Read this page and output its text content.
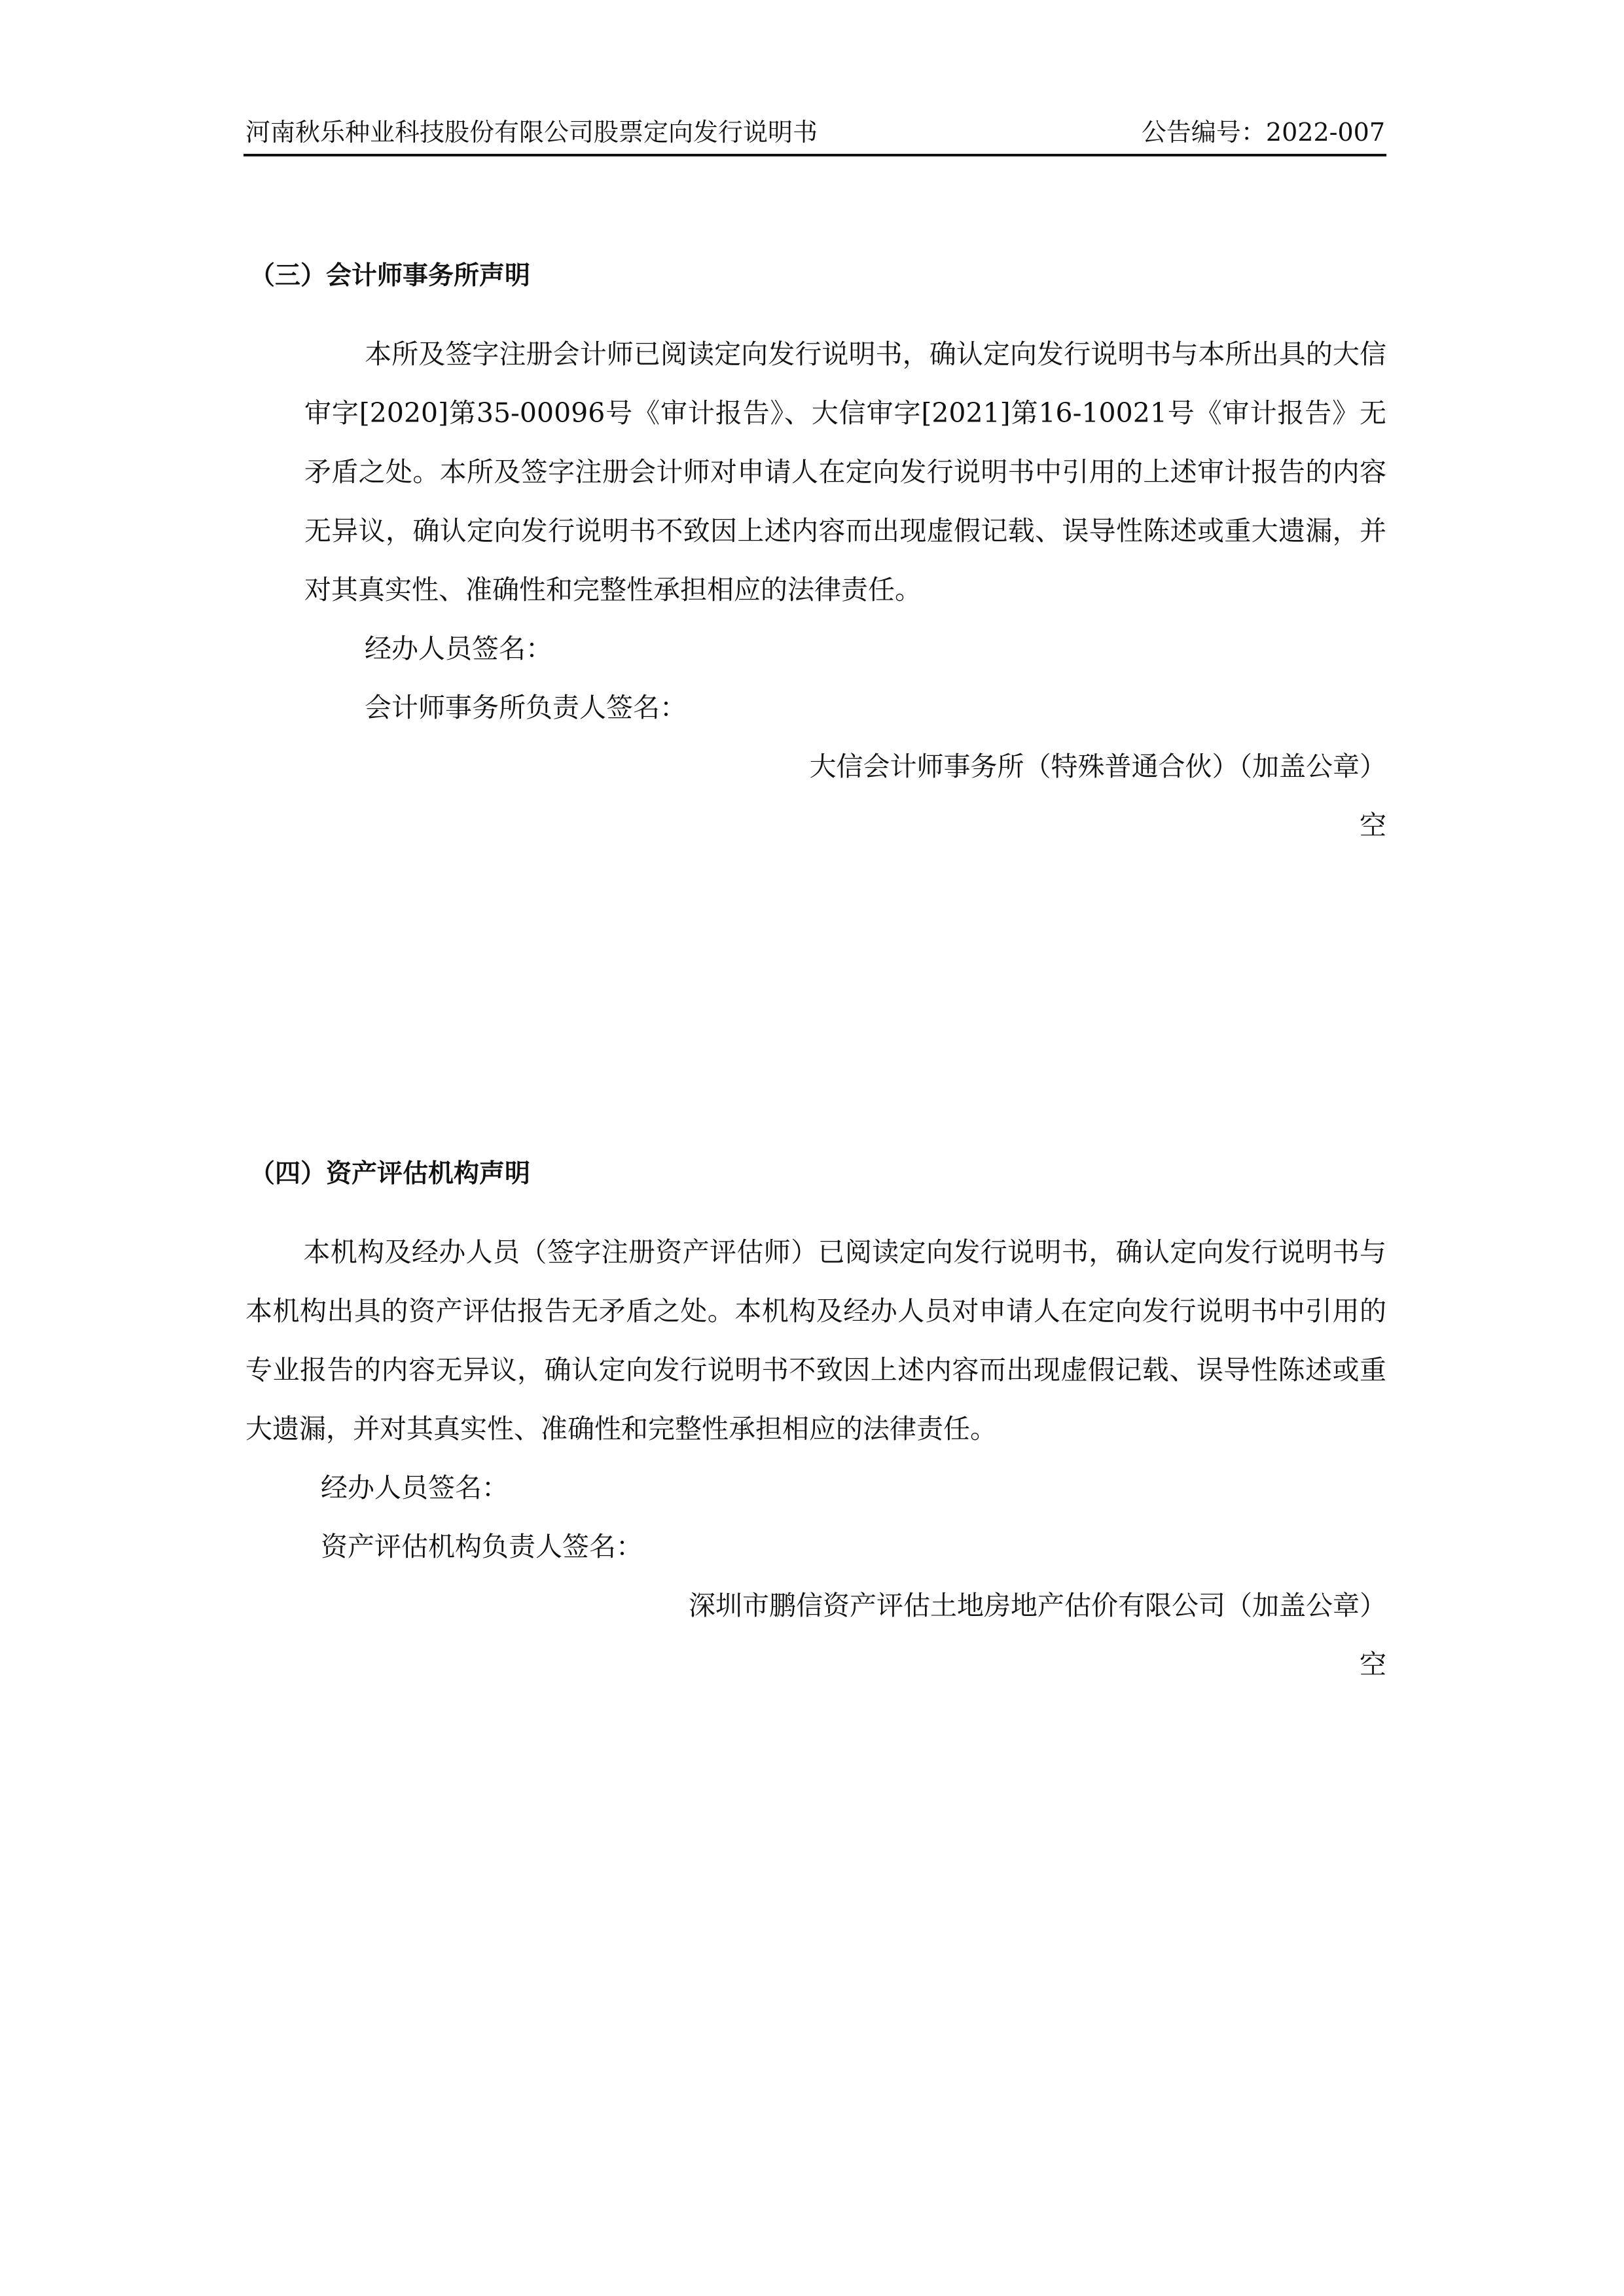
河南秋乐种业科技股份有限公司股票定向发行说明书	公告编号：2022-007
（三）会计师事务所声明

本所及签字注册会计师已阅读定向发行说明书，确认定向发行说明书与本所出具的大信审字[2020]第35-00096号《审计报告》、大信审字[2021]第16-10021号《审计报告》无矛盾之处。本所及签字注册会计师对申请人在定向发行说明书中引用的上述审计报告的内容无异议，确认定向发行说明书不致因上述内容而出现虚假记载、误导性陈述或重大遗漏，并对其真实性、准确性和完整性承担相应的法律责任。

经办人员签名：
会计师事务所负责人签名：
大信会计师事务所（特殊普通合伙）（加盖公章）
空
（四）资产评估机构声明

本机构及经办人员（签字注册资产评估师）已阅读定向发行说明书，确认定向发行说明书与本机构出具的资产评估报告无矛盾之处。本机构及经办人员对申请人在定向发行说明书中引用的专业报告的内容无异议，确认定向发行说明书不致因上述内容而出现虚假记载、误导性陈述或重大遗漏，并对其真实性、准确性和完整性承担相应的法律责任。

经办人员签名：
资产评估机构负责人签名：
深圳市鹏信资产评估土地房地产估价有限公司（加盖公章）
空
